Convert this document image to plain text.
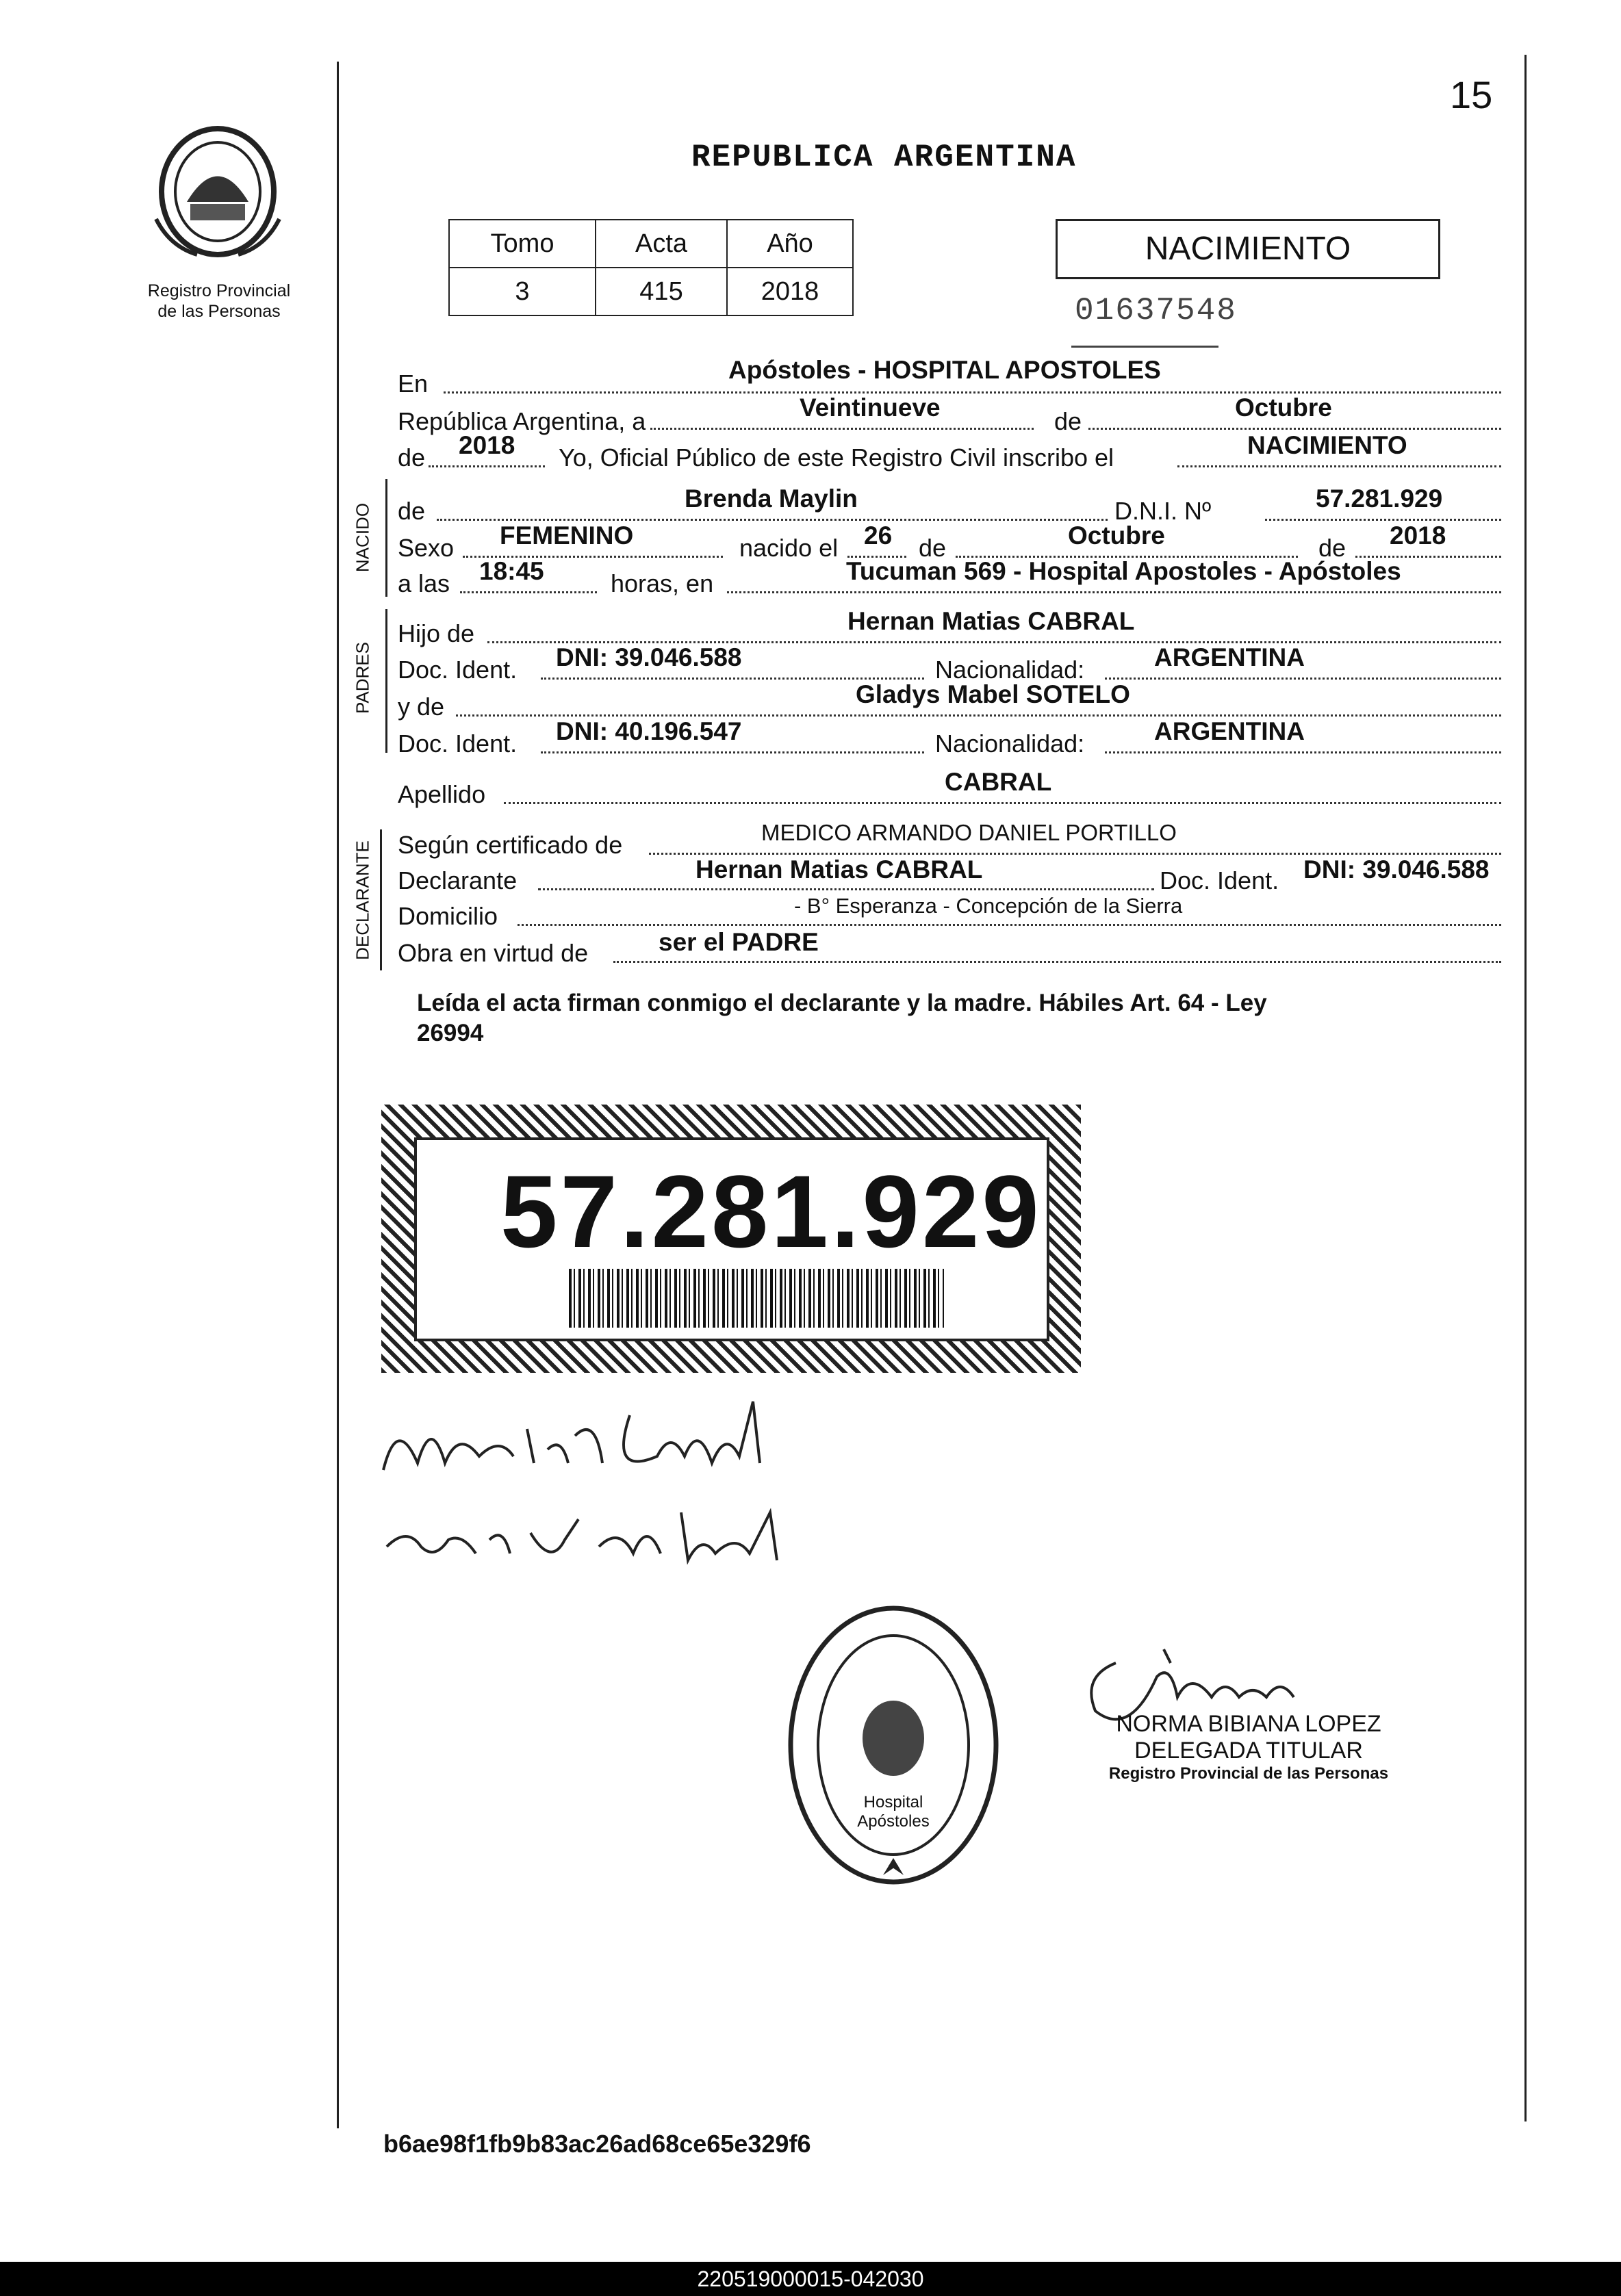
15
Registro Provincial
de las Personas
REPUBLICA ARGENTINA
Tomo	Acta	Año
3	415	2018
NACIMIENTO
01637548
En	Apóstoles - HOSPITAL APOSTOLES
República Argentina, a	Veintinueve	de	Octubre
de 2018 Yo, Oficial Público de este Registro Civil inscribo el	NACIMIENTO
NACIDO de	Brenda Maylin	D.N.I. Nº	57.281.929
Sexo FEMENINO	nacido el 26 de	Octubre	de 2018
a las 18:45	horas, en	Tucuman 569 - Hospital Apostoles - Apóstoles
PADRES
Hijo de	Hernan Matias CABRAL
Doc. Ident. DNI: 39.046.588	Nacionalidad:	ARGENTINA
y de	Gladys Mabel SOTELO
Doc. Ident. DNI: 40.196.547	Nacionalidad:	ARGENTINA
Apellido	CABRAL
DECLARANTE Según certificado de	MEDICO ARMANDO DANIEL PORTILLO
Declarante	Hernan Matias CABRAL	Doc. Ident. DNI: 39.046.588
Domicilio	- B° Esperanza - Concepción de la Sierra
Obra en virtud de	ser el PADRE
Leída el acta firman conmigo el declarante y la madre. Hábiles Art. 64 - Ley
26994
57.281.929
Hospital
Apóstoles
NORMA BIBIANA LOPEZ
DELEGADA TITULAR
Registro Provincial de las Personas
b6ae98f1fb9b83ac26ad68ce65e329f6
220519000015-042030
